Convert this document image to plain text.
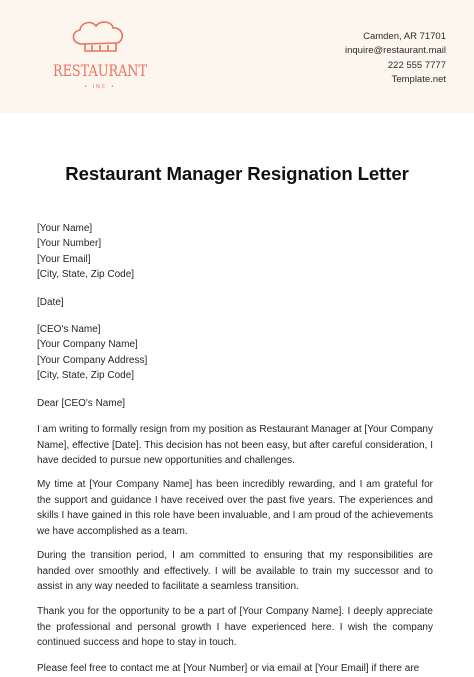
RESTAURANT
• INC •
Camden, AR 71701
inquire@restaurant.mail
222 555 7777
Template.net
Restaurant Manager Resignation Letter
[Your Name]
[Your Number]
[Your Email]
[City, State, Zip Code]
[Date]
[CEO's Name]
[Your Company Name]
[Your Company Address]
[City, State, Zip Code]
Dear [CEO's Name]
I am writing to formally resign from my position as Restaurant Manager at [Your Company Name], effective [Date]. This decision has not been easy, but after careful consideration, I have decided to pursue new opportunities and challenges.
My time at [Your Company Name] has been incredibly rewarding, and I am grateful for the support and guidance I have received over the past five years. The experiences and skills I have gained in this role have been invaluable, and I am proud of the achievements we have accomplished as a team.
During the transition period, I am committed to ensuring that my responsibilities are handed over smoothly and effectively. I will be available to train my successor and to assist in any way needed to facilitate a seamless transition.
Thank you for the opportunity to be a part of [Your Company Name]. I deeply appreciate the professional and personal growth I have experienced here. I wish the company continued success and hope to stay in touch.
Please feel free to contact me at [Your Number] or via email at [Your Email] if there are
